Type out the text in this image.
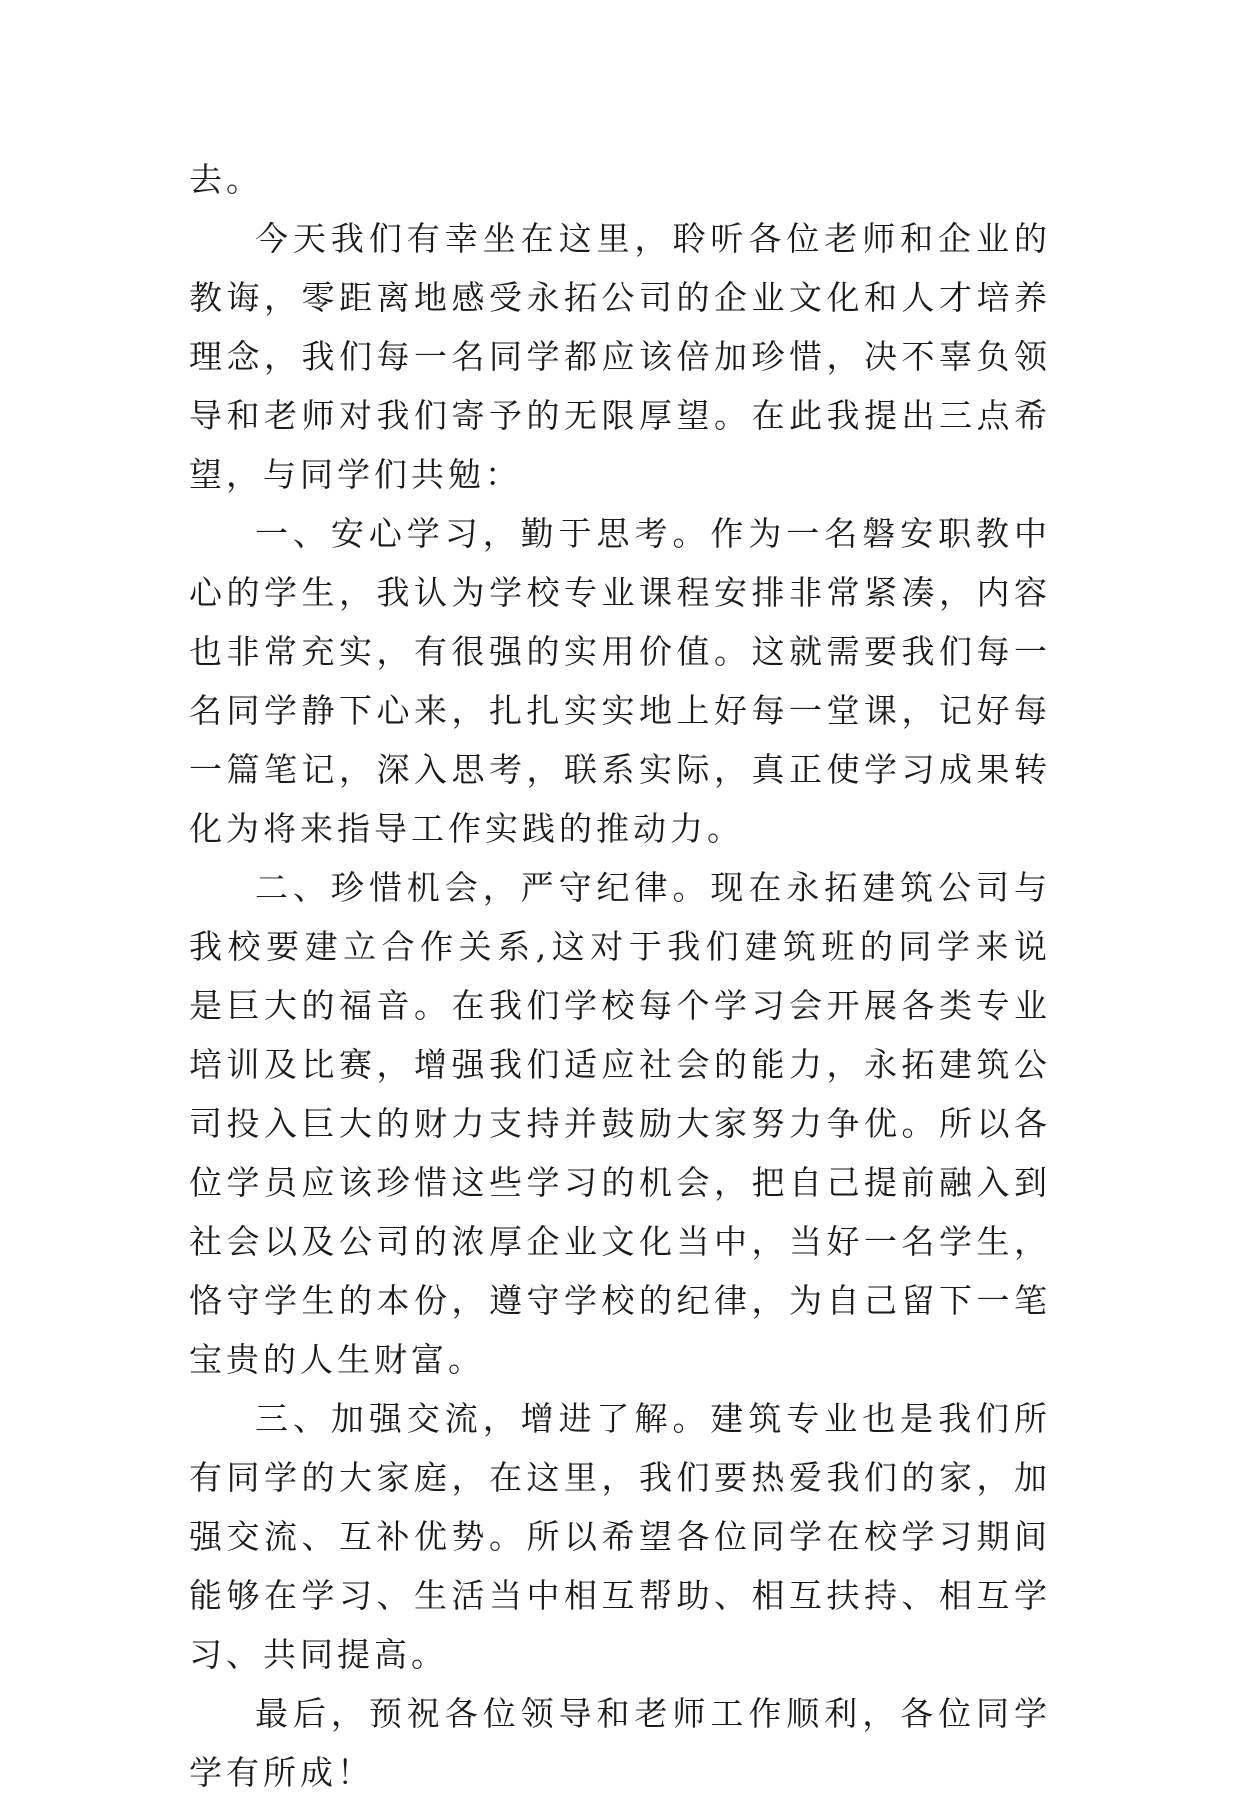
去。

今天我们有幸坐在这里，聆听各位老师和企业的教诲，零距离地感受永拓公司的企业文化和人才培养理念，我们每一名同学都应该倍加珍惜，决不辜负领导和老师对我们寄予的无限厚望。在此我提出三点希望，与同学们共勉：

一、安心学习，勤于思考。作为一名磐安职教中心的学生，我认为学校专业课程安排非常紧凑，内容也非常充实，有很强的实用价值。这就需要我们每一名同学静下心来，扎扎实实地上好每一堂课，记好每一篇笔记，深入思考，联系实际，真正使学习成果转化为将来指导工作实践的推动力。

二、珍惜机会，严守纪律。现在永拓建筑公司与我校要建立合作关系,这对于我们建筑班的同学来说是巨大的福音。在我们学校每个学习会开展各类专业培训及比赛，增强我们适应社会的能力，永拓建筑公司投入巨大的财力支持并鼓励大家努力争优。所以各位学员应该珍惜这些学习的机会，把自己提前融入到社会以及公司的浓厚企业文化当中，当好一名学生，恪守学生的本份，遵守学校的纪律，为自己留下一笔宝贵的人生财富。

三、加强交流，增进了解。建筑专业也是我们所有同学的大家庭，在这里，我们要热爱我们的家，加强交流、互补优势。所以希望各位同学在校学习期间能够在学习、生活当中相互帮助、相互扶持、相互学习、共同提高。

最后，预祝各位领导和老师工作顺利，各位同学学有所成！
